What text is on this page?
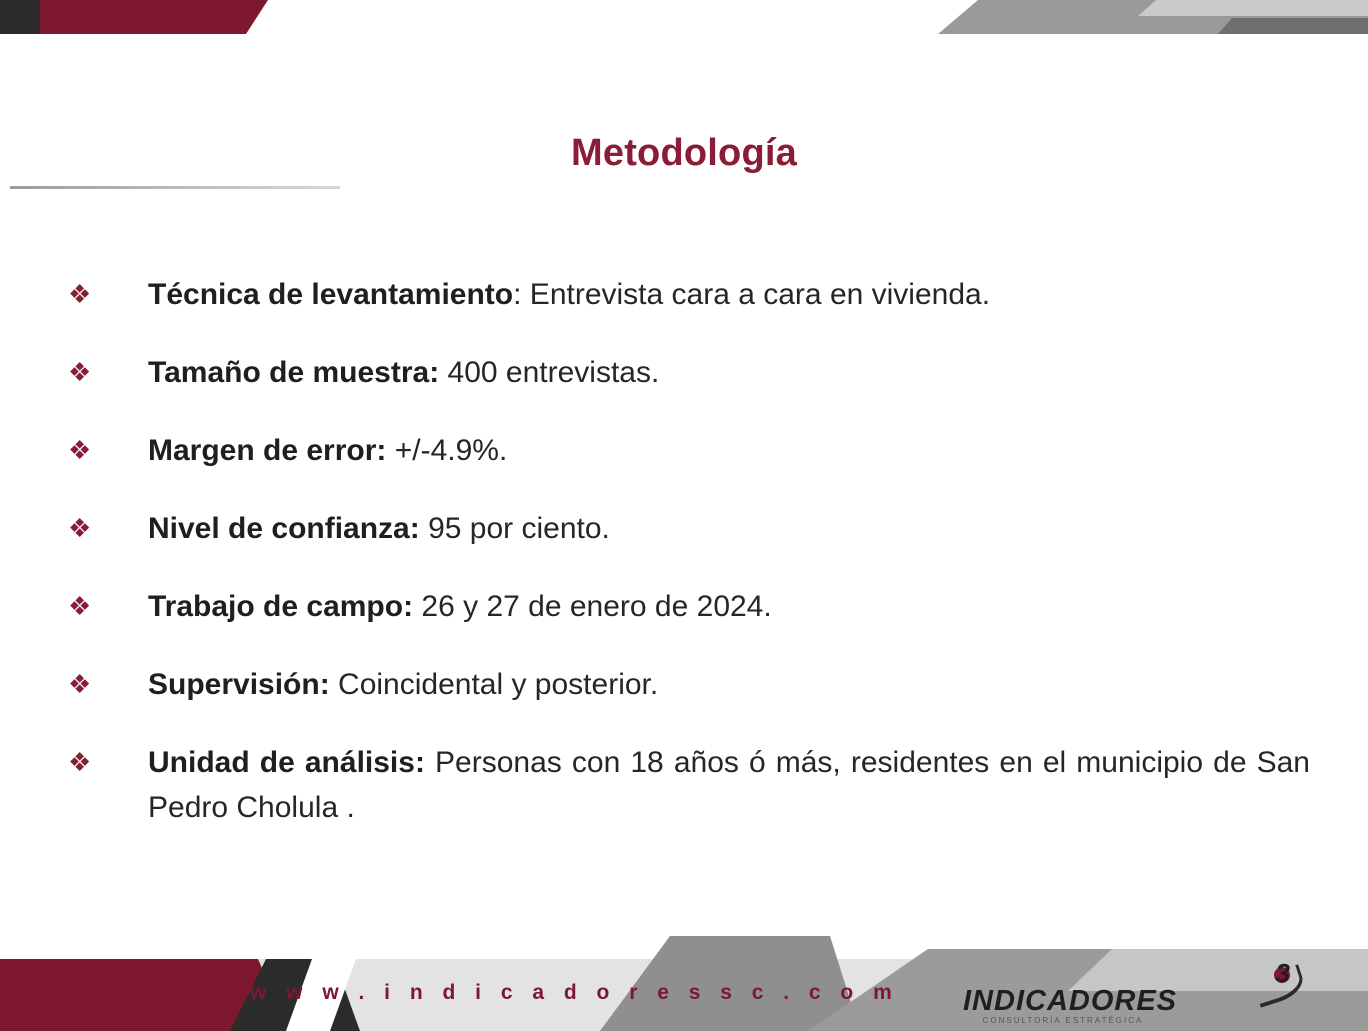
Metodología
❖	Técnica de levantamiento: Entrevista cara a cara en vivienda.
❖	Tamaño de muestra: 400 entrevistas.
❖	Margen de error: +/-4.9%.
❖	Nivel de confianza: 95 por ciento.
❖	Trabajo de campo: 26 y 27 de enero de 2024.
❖	Supervisión: Coincidental y posterior.
❖	Unidad de análisis: Personas con 18 años ó más, residentes en el municipio de San Pedro Cholula .
w w w . i n d i c a d o r e s s c . c o m INDICADORES
CONSULTORÍA ESTRATÉGICA
3
